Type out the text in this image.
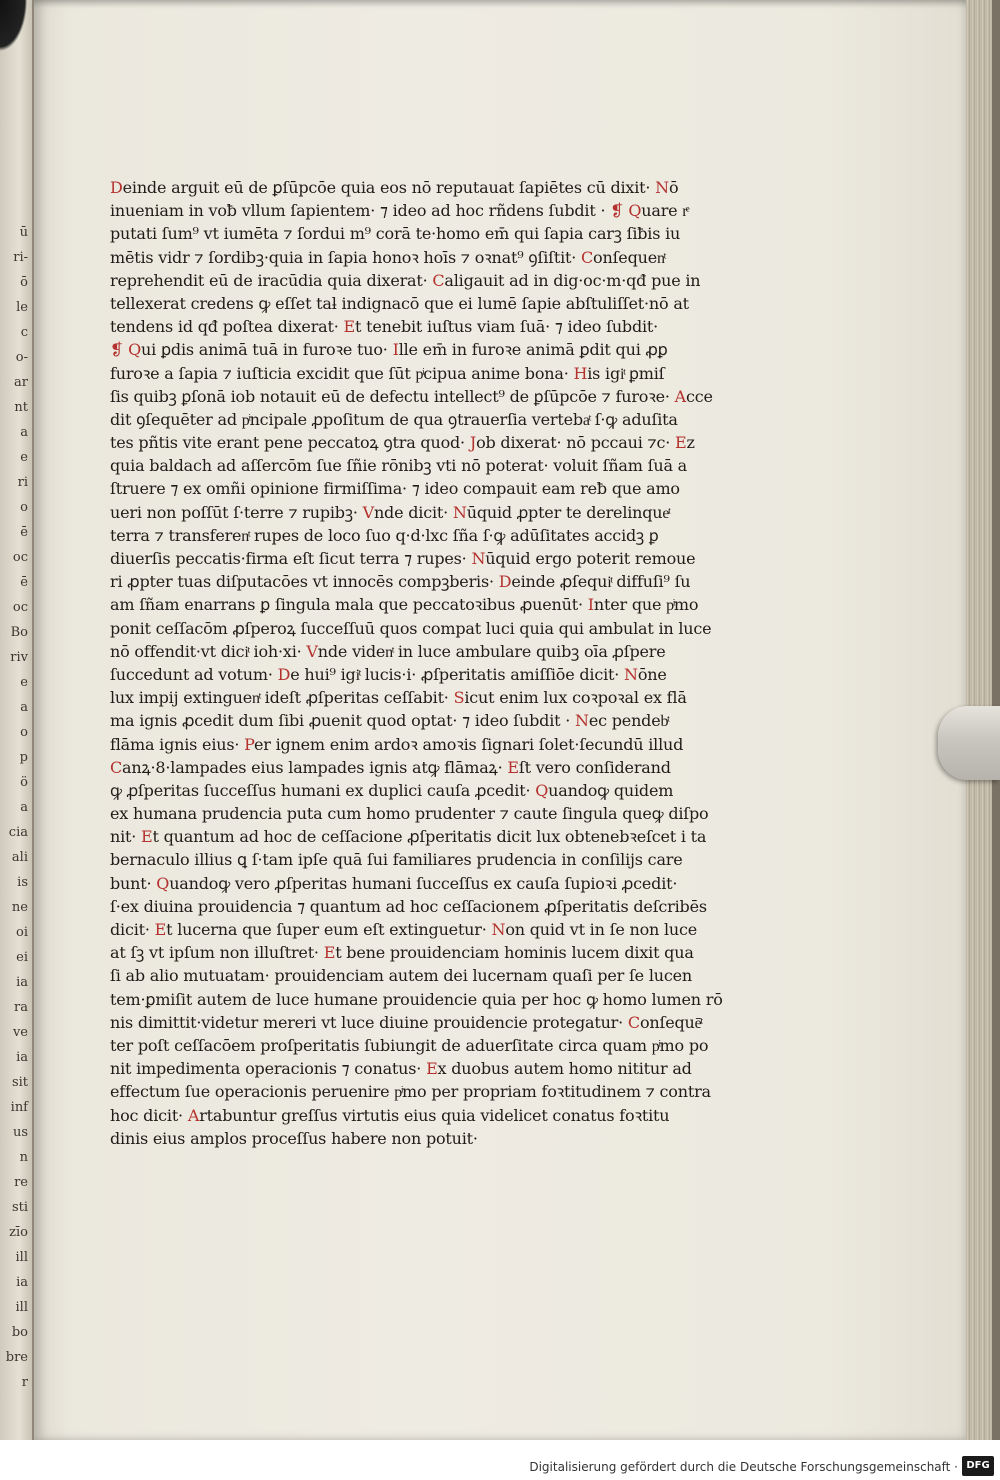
ū
ri-
ō
le
c
o-
ar
nt
a
e
ri
o
ē
oc
ē
oc
Bo
riv
e
a
o
p
ö
a
cia
ali
is
ne
oi
ei
ia
ra
ve
ia
sit
inf
us
n
re
sti
zīo
ill
ia
ill
bo
bre
r
Deinde arguit eū de ꝑſūpcōe quia eos nō reputauat ſapiētes cū dixit· Nō
inueniam in voƀ vllum ſapientem· ⁊ ideo ad hoc rñdens ſubdit · ❡ Quare rͤ
putati ſum⁹ vt iumēta ⁊ ſordui m⁹ corā te·homo em̄ qui ſapia carꝫ ſiƀis iu
mētis vidr ⁊ ſordibꝫ·quia in ſapia honoꝛ hoīs ⁊ oꝛnat⁹ ꝯſiſtit· Conſequenͭ
reprehendit eū de iracūdia quia dixerat· Caligauit ad in dig·oc·m·qđ pue in
tellexerat credens ꝙ eſſet taƚ indignacō que ei lumē ſapie abſtuliſſet·nō at
tendens id qđ poſtea dixerat· Et tenebit iuſtus viam ſuā· ⁊ ideo ſubdit·
❡ Qui ꝑdis animā tuā in furoꝛe tuo· Ille em̄ in furoꝛe animā ꝑdit qui ꝓꝑ
furoꝛe a ſapia ⁊ iuſticia excidit que ſūt pͥcipua anime bona· His igiͭ ꝑmiſ
ſis quibꝫ ꝑſonā iob notauit eū de defectu intellect⁹ de ꝑſūpcōe ⁊ furoꝛe· Acce
dit ꝯſequēter ad pͥncipale ꝓpoſitum de qua ꝯtrauerſia vertebaͭ ſ·ꝙ aduſita
tes pñtis vite erant pene peccatoꝝ ꝯtra quod· Job dixerat· nō pccaui ⁊c· Ez
quia baldach ad aſſercōm ſue ſñie rōnibꝫ vti nō poterat· voluit ſñam ſuā a
ſtruere ⁊ ex omñi opinione firmiſſima· ⁊ ideo compauit eam reƀ que amo
ueri non poſſūt ſ·terre ⁊ rupibꝫ· Vnde dicit· Nūquid ꝓpter te derelinqueͭ
terra ⁊ transferenͭ rupes de loco ſuo q·d·lxc ſña ſ·ꝙ adūſitates accidꝫ ꝑ
diuerſis peccatis·firma eſt ſicut terra ⁊ rupes· Nūquid ergo poterit remoue
ri ꝓpter tuas diſputacōes vt innocēs compꝫberis· Deinde ꝓſequiͭ diffuſi⁹ ſu
am ſñam enarrans ꝑ ſingula mala que peccatoꝛibus ꝓuenūt· Inter que pͥmo
ponit ceſſacōm ꝓſperoꝝ ſucceſſuū quos compat luci quia qui ambulat in luce
nō offendit·vt diciͭ ioh·xi· Vnde videnͭ in luce ambulare quibꝫ oīa ꝓſpere
ſuccedunt ad votum· De hui⁹ igiͭ lucis·i· ꝓſperitatis amiſſiōe dicit· Nōne
lux impij extinguenͭ ideſt ꝓſperitas ceſſabit· Sicut enim lux coꝛpoꝛal ex flā
ma ignis ꝓcedit dum ſibi ꝓuenit quod optat· ⁊ ideo ſubdit · Nec pendebͭ
flāma ignis eius· Per ignem enim ardoꝛ amoꝛis ſignari ſolet·ſecundū illud
Canꝝ·8·lampades eius lampades ignis atꝙ flāmaꝝ· Eſt vero conſiderand
ꝙ ꝓſperitas ſucceſſus humani ex duplici cauſa ꝓcedit· Quandoꝙ quidem
ex humana prudencia puta cum homo prudenter ⁊ caute ſingula queꝙ diſpo
nit· Et quantum ad hoc de ceſſacione ꝓſperitatis dicit lux obtenebꝛeſcet i ta
bernaculo illius ꝗ ſ·tam ipſe quā ſui familiares prudencia in conſilijs care
bunt· Quandoꝙ vero ꝓſperitas humani ſucceſſus ex cauſa ſupioꝛi ꝓcedit·
ſ·ex diuina prouidencia ⁊ quantum ad hoc ceſſacionem ꝓſperitatis deſcribēs
dicit· Et lucerna que ſuper eum eſt extinguetur· Non quid vt in ſe non luce
at ſꝫ vt ipſum non illuſtret· Et bene prouidenciam hominis lucem dixit qua
ſi ab alio mutuatam· prouidenciam autem dei lucernam quaſi per ſe lucen
tem·ꝑmiſit autem de luce humane prouidencie quia per hoc ꝙ homo lumen rō
nis dimittit·videtur mereri vt luce diuine prouidencie protegatur· Conſequēͭ
ter poſt ceſſacōem proſperitatis ſubiungit de aduerſitate circa quam pͥmo po
nit impedimenta operacionis ⁊ conatus· Ex duobus autem homo nititur ad
effectum ſue operacionis peruenire pͥmo per propriam foꝛtitudinem ⁊ contra
hoc dicit· Artabuntur greſſus virtutis eius quia videlicet conatus foꝛtitu
dinis eius amplos proceſſus habere non potuit·
Digitalisierung gefördert durch die Deutsche Forschungsgemeinschaft · DFG
